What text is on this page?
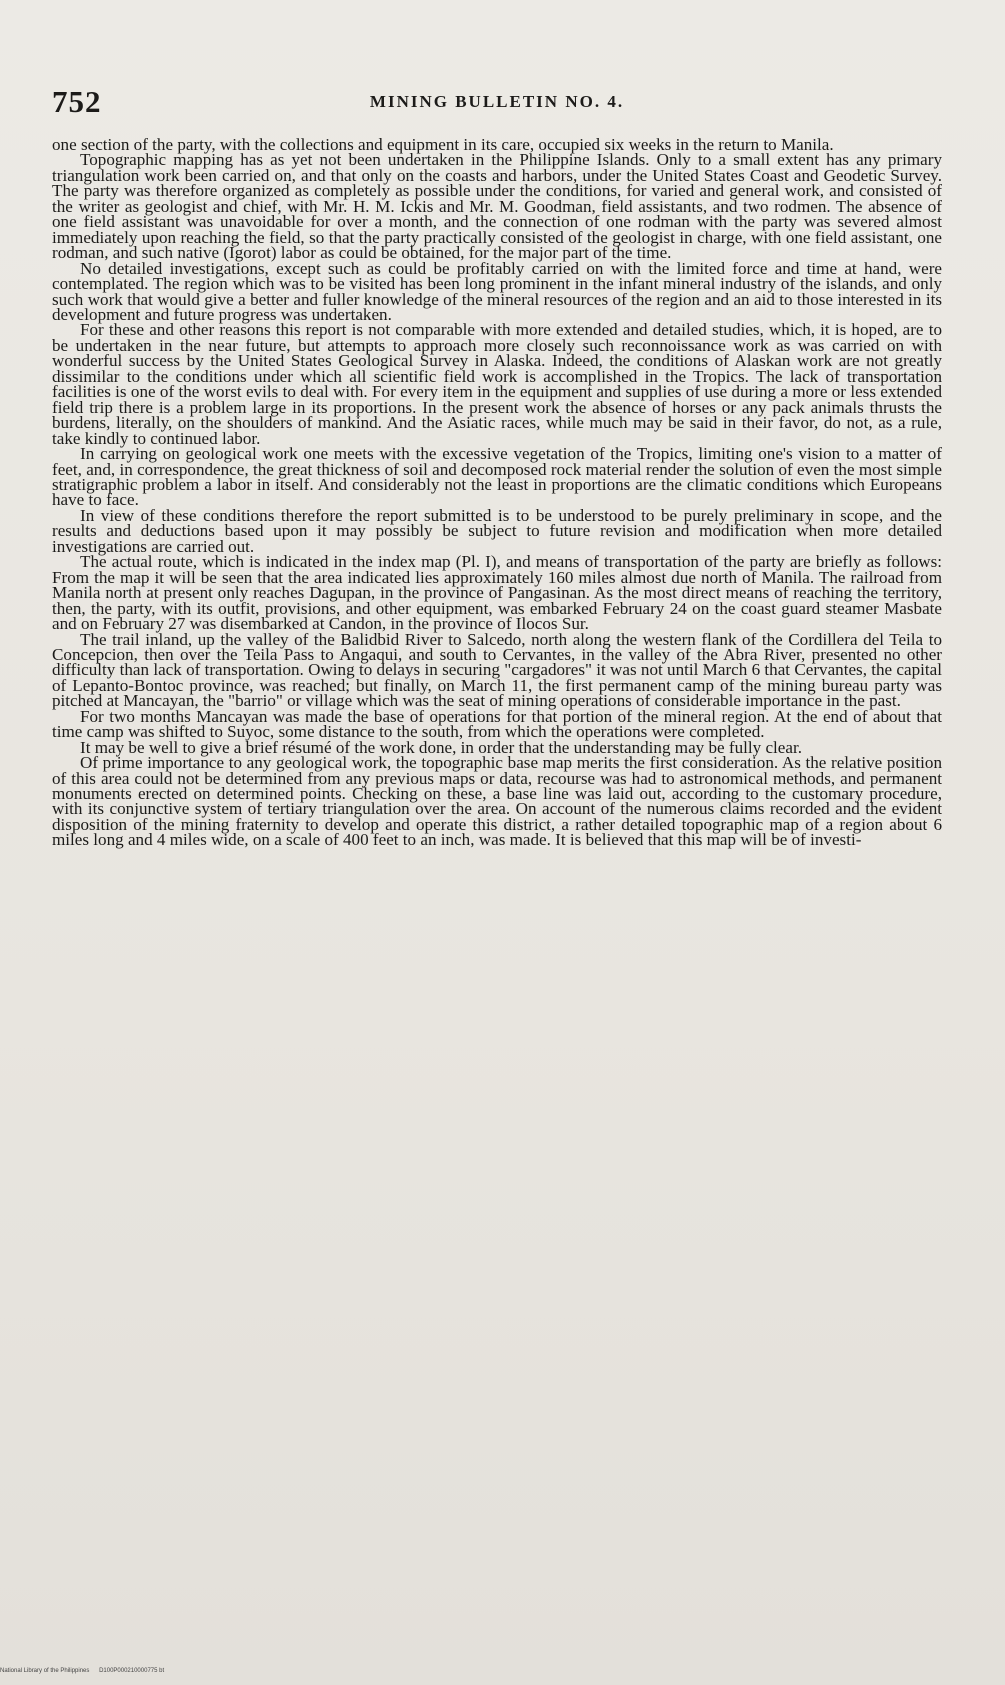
752	MINING BULLETIN NO. 4.

one section of the party, with the collections and equipment in its care, occupied six weeks in the return to Manila.

Topographic mapping has as yet not been undertaken in the Philippine Islands. Only to a small extent has any primary triangulation work been carried on, and that only on the coasts and harbors, under the United States Coast and Geodetic Survey. The party was therefore organized as completely as possible under the conditions, for varied and general work, and consisted of the writer as geologist and chief, with Mr. H. M. Ickis and Mr. M. Goodman, field assistants, and two rodmen. The absence of one field assistant was unavoidable for over a month, and the connection of one rodman with the party was severed almost immediately upon reaching the field, so that the party practically consisted of the geologist in charge, with one field assistant, one rodman, and such native (Igorot) labor as could be obtained, for the major part of the time.

No detailed investigations, except such as could be profitably carried on with the limited force and time at hand, were contemplated. The region which was to be visited has been long prominent in the infant mineral industry of the islands, and only such work that would give a better and fuller knowledge of the mineral resources of the region and an aid to those interested in its development and future progress was undertaken.

For these and other reasons this report is not comparable with more extended and detailed studies, which, it is hoped, are to be undertaken in the near future, but attempts to approach more closely such reconnoissance work as was carried on with wonderful success by the United States Geological Survey in Alaska. Indeed, the conditions of Alaskan work are not greatly dissimilar to the conditions under which all scientific field work is accomplished in the Tropics. The lack of transportation facilities is one of the worst evils to deal with. For every item in the equipment and supplies of use during a more or less extended field trip there is a problem large in its proportions. In the present work the absence of horses or any pack animals thrusts the burdens, literally, on the shoulders of mankind. And the Asiatic races, while much may be said in their favor, do not, as a rule, take kindly to continued labor.

In carrying on geological work one meets with the excessive vegetation of the Tropics, limiting one's vision to a matter of feet, and, in correspondence, the great thickness of soil and decomposed rock material render the solution of even the most simple stratigraphic problem a labor in itself. And considerably not the least in proportions are the climatic conditions which Europeans have to face.

In view of these conditions therefore the report submitted is to be understood to be purely preliminary in scope, and the results and deductions based upon it may possibly be subject to future revision and modification when more detailed investigations are carried out.

The actual route, which is indicated in the index map (Pl. I), and means of transportation of the party are briefly as follows: From the map it will be seen that the area indicated lies approximately 160 miles almost due north of Manila. The railroad from Manila north at present only reaches Dagupan, in the province of Pangasinan. As the most direct means of reaching the territory, then, the party, with its outfit, provisions, and other equipment, was embarked February 24 on the coast guard steamer Masbate and on February 27 was disembarked at Candon, in the province of Ilocos Sur.

The trail inland, up the valley of the Balidbid River to Salcedo, north along the western flank of the Cordillera del Teila to Concepcion, then over the Teila Pass to Angaqui, and south to Cervantes, in the valley of the Abra River, presented no other difficulty than lack of transportation. Owing to delays in securing "cargadores" it was not until March 6 that Cervantes, the capital of Lepanto-Bontoc province, was reached; but finally, on March 11, the first permanent camp of the mining bureau party was pitched at Mancayan, the "barrio" or village which was the seat of mining operations of considerable importance in the past.

For two months Mancayan was made the base of operations for that portion of the mineral region. At the end of about that time camp was shifted to Suyoc, some distance to the south, from which the operations were completed.

It may be well to give a brief résumé of the work done, in order that the understanding may be fully clear.

Of prime importance to any geological work, the topographic base map merits the first consideration. As the relative position of this area could not be determined from any previous maps or data, recourse was had to astronomical methods, and permanent monuments erected on determined points. Checking on these, a base line was laid out, according to the customary procedure, with its conjunctive system of tertiary triangulation over the area. On account of the numerous claims recorded and the evident disposition of the mining fraternity to develop and operate this district, a rather detailed topographic map of a region about 6 miles long and 4 miles wide, on a scale of 400 feet to an inch, was made. It is believed that this map will be of investi-

National Library of the Philippines D100P000210000775 bt
